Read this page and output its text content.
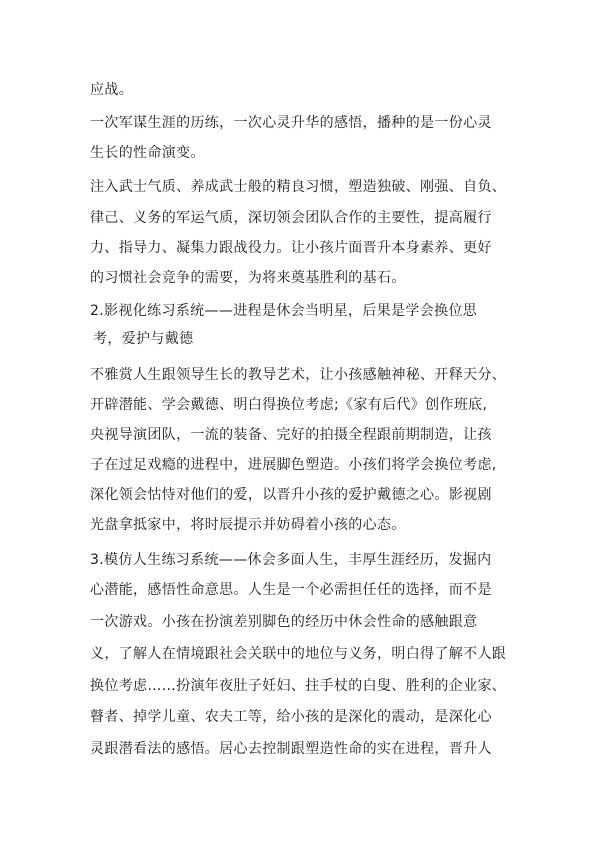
应战。
一次军谋生涯的历练，一次心灵升华的感悟，播种的是一份心灵
生长的性命演变。
注入武士气质、养成武士般的精良习惯，塑造独破、刚强、自负、
律己、义务的军运气质，深切领会团队合作的主要性，提高履行
力、指导力、凝集力跟战役力。让小孩片面晋升本身素养、更好
的习惯社会竞争的需要，为将来奠基胜利的基石。
2.影视化练习系统——进程是休会当明星，后果是学会换位思
考，爱护与戴德
不雅赏人生跟领导生长的教导艺术，让小孩感触神秘、开释天分、
开辟潜能、学会戴德、明白得换位考虑;《家有后代》创作班底,
央视导演团队，一流的装备、完好的拍摄全程跟前期制造，让孩
子在过足戏瘾的进程中，进展脚色塑造。小孩们将学会换位考虑,
深化领会怙恃对他们的爱，以晋升小孩的爱护戴德之心。影视剧
光盘拿抵家中，将时辰提示并妨碍着小孩的心态。
3.模仿人生练习系统——休会多面人生，丰厚生涯经历，发掘内
心潜能，感悟性命意思。人生是一个必需担任任的选择，而不是
一次游戏。小孩在扮演差别脚色的经历中休会性命的感触跟意
义，了解人在情境跟社会关联中的地位与义务，明白得了解不人跟
换位考虑……扮演年夜肚子妊妇、拄手杖的白叟、胜利的企业家、
瞽者、掉学儿童、农夫工等，给小孩的是深化的震动，是深化心
灵跟潜看法的感悟。居心去控制跟塑造性命的实在进程，晋升人
